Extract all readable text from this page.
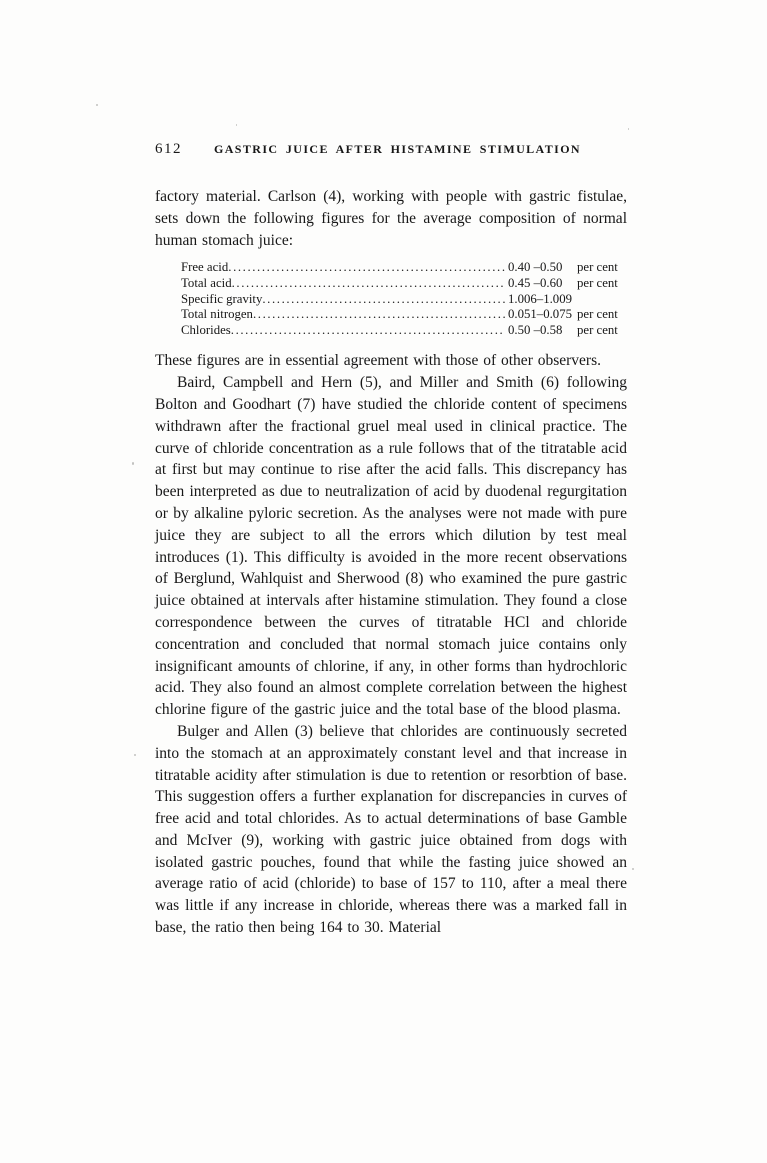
612	GASTRIC JUICE AFTER HISTAMINE STIMULATION

factory material. Carlson (4), working with people with gastric fistulae, sets down the following figures for the average composition of normal human stomach juice:

Free acid .....	0.40 –0.50	per cent
Total acid .....	0.45 –0.60	per cent
Specific gravity .....	1.006–1.009
Total nitrogen .....	0.051–0.075 per cent
Chlorides .....	0.50 –0.58	per cent

These figures are in essential agreement with those of other observers.

Baird, Campbell and Hern (5), and Miller and Smith (6) following Bolton and Goodhart (7) have studied the chloride content of specimens withdrawn after the fractional gruel meal used in clinical practice. The curve of chloride concentration as a rule follows that of the titratable acid at first but may continue to rise after the acid falls. This discrepancy has been interpreted as due to neutralization of acid by duodenal regurgitation or by alkaline pyloric secretion. As the analyses were not made with pure juice they are subject to all the errors which dilution by test meal introduces (1). This difficulty is avoided in the more recent observations of Berglund, Wahlquist and Sherwood (8) who examined the pure gastric juice obtained at intervals after histamine stimulation. They found a close correspondence between the curves of titratable HCl and chloride concentration and concluded that normal stomach juice contains only insignificant amounts of chlorine, if any, in other forms than hydrochloric acid. They also found an almost complete correlation between the highest chlorine figure of the gastric juice and the total base of the blood plasma.

Bulger and Allen (3) believe that chlorides are continuously secreted into the stomach at an approximately constant level and that increase in titratable acidity after stimulation is due to retention or resorbtion of base. This suggestion offers a further explanation for discrepancies in curves of free acid and total chlorides. As to actual determinations of base Gamble and McIver (9), working with gastric juice obtained from dogs with isolated gastric pouches, found that while the fasting juice showed an average ratio of acid (chloride) to base of 157 to 110, after a meal there was little if any increase in chloride, whereas there was a marked fall in base, the ratio then being 164 to 30. Material
